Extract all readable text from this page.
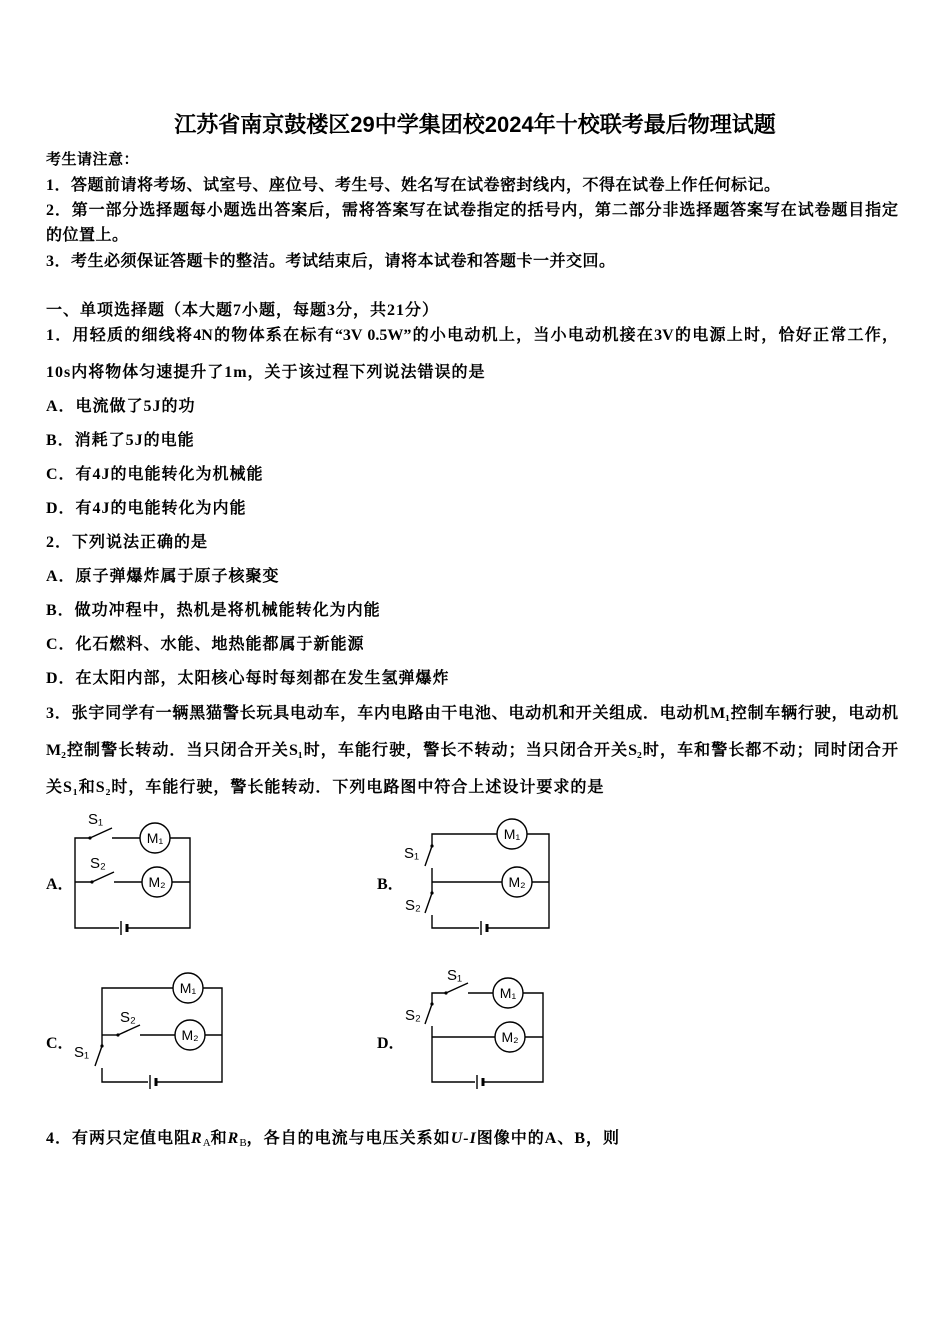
江苏省南京鼓楼区29中学集团校2024年十校联考最后物理试题
考生请注意：
1．答题前请将考场、试室号、座位号、考生号、姓名写在试卷密封线内，不得在试卷上作任何标记。
2．第一部分选择题每小题选出答案后，需将答案写在试卷指定的括号内，第二部分非选择题答案写在试卷题目指定
的位置上。
3．考生必须保证答题卡的整洁。考试结束后，请将本试卷和答题卡一并交回。
一、单项选择题（本大题7小题，每题3分，共21分）
1．用轻质的细线将4N的物体系在标有“3V 0.5W”的小电动机上，当小电动机接在3V的电源上时，恰好正常工作，
10s内将物体匀速提升了1m，关于该过程下列说法错误的是
A．电流做了5J的功
B．消耗了5J的电能
C．有4J的电能转化为机械能
D．有4J的电能转化为内能
2．下列说法正确的是
A．原子弹爆炸属于原子核聚变
B．做功冲程中，热机是将机械能转化为内能
C．化石燃料、水能、地热能都属于新能源
D．在太阳内部，太阳核心每时每刻都在发生氢弹爆炸
3．张宇同学有一辆黑猫警长玩具电动车，车内电路由干电池、电动机和开关组成．电动机M₁控制车辆行驶，电动机
M₂控制警长转动．当只闭合开关S₁时，车能行驶，警长不转动；当只闭合开关S₂时，车和警长都不动；同时闭合开
关S₁和S₂时，车能行驶，警长能转动．下列电路图中符合上述设计要求的是
A．	B．
C．	D．
M₁
S₁
M₂
S₂
M₁
M₂
S₁
S₂
M₁
M₂
S₂
S₁
M₁
M₂
S₁
S₂
4．有两只定值电阻$R_A$和$R_B$，各自的电流与电压关系如U-I图像中的A、B，则
